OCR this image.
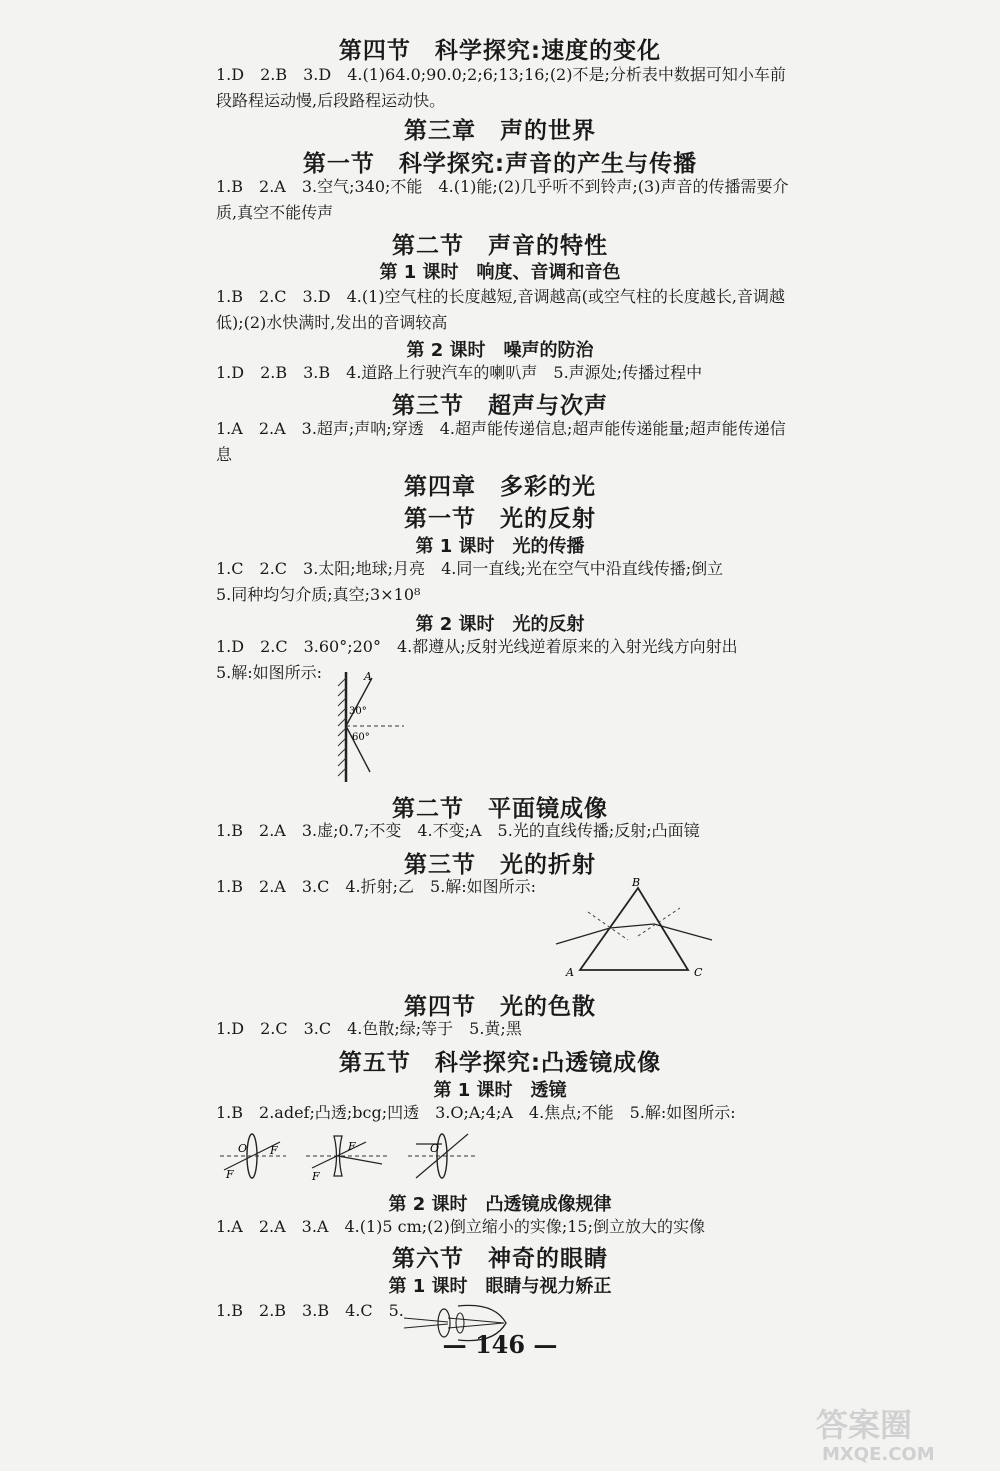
第四节　科学探究:速度的变化
1.D　2.B　3.D　4.(1)64.0;90.0;2;6;13;16;(2)不是;分析表中数据可知小车前段路程运动慢,后段路程运动快。
第三章　声的世界
第一节　科学探究:声音的产生与传播
1.B　2.A　3.空气;340;不能　4.(1)能;(2)几乎听不到铃声;(3)声音的传播需要介质,真空不能传声
第二节　声音的特性
第 1 课时　响度、音调和音色
1.B　2.C　3.D　4.(1)空气柱的长度越短,音调越高(或空气柱的长度越长,音调越低);(2)水快满时,发出的音调较高
第 2 课时　噪声的防治
1.D　2.B　3.B　4.道路上行驶汽车的喇叭声　5.声源处;传播过程中
第三节　超声与次声
1.A　2.A　3.超声;声呐;穿透　4.超声能传递信息;超声能传递能量;超声能传递信息
第四章　多彩的光
第一节　光的反射
第 1 课时　光的传播
1.C　2.C　3.太阳;地球;月亮　4.同一直线;光在空气中沿直线传播;倒立
5.同种均匀介质;真空;3×10⁸
第 2 课时　光的反射
1.D　2.C　3.60°;20°　4.都遵从;反射光线逆着原来的入射光线方向射出
5.解:如图所示:	A
30°
60°
第二节　平面镜成像
1.B　2.A　3.虚;0.7;不变　4.不变;A　5.光的直线传播;反射;凸面镜
第三节　光的折射
1.B　2.A　3.C　4.折射;乙　5.解:如图所示:	B
A	C
第四节　光的色散
1.D　2.C　3.C　4.色散;绿;等于　5.黄;黑
第五节　科学探究:凸透镜成像
第 1 课时　透镜
1.B　2.adef;凸透;bcg;凹透　3.O;A;4;A　4.焦点;不能　5.解:如图所示:
O F
F
F
F
O
第 2 课时　凸透镜成像规律
1.A　2.A　3.A　4.(1)5 cm;(2)倒立缩小的实像;15;倒立放大的实像
第六节　神奇的眼睛
第 1 课时　眼睛与视力矫正
1.B　2.B　3.B　4.C　5.
— 146 —
答案圈
MXQE.COM
